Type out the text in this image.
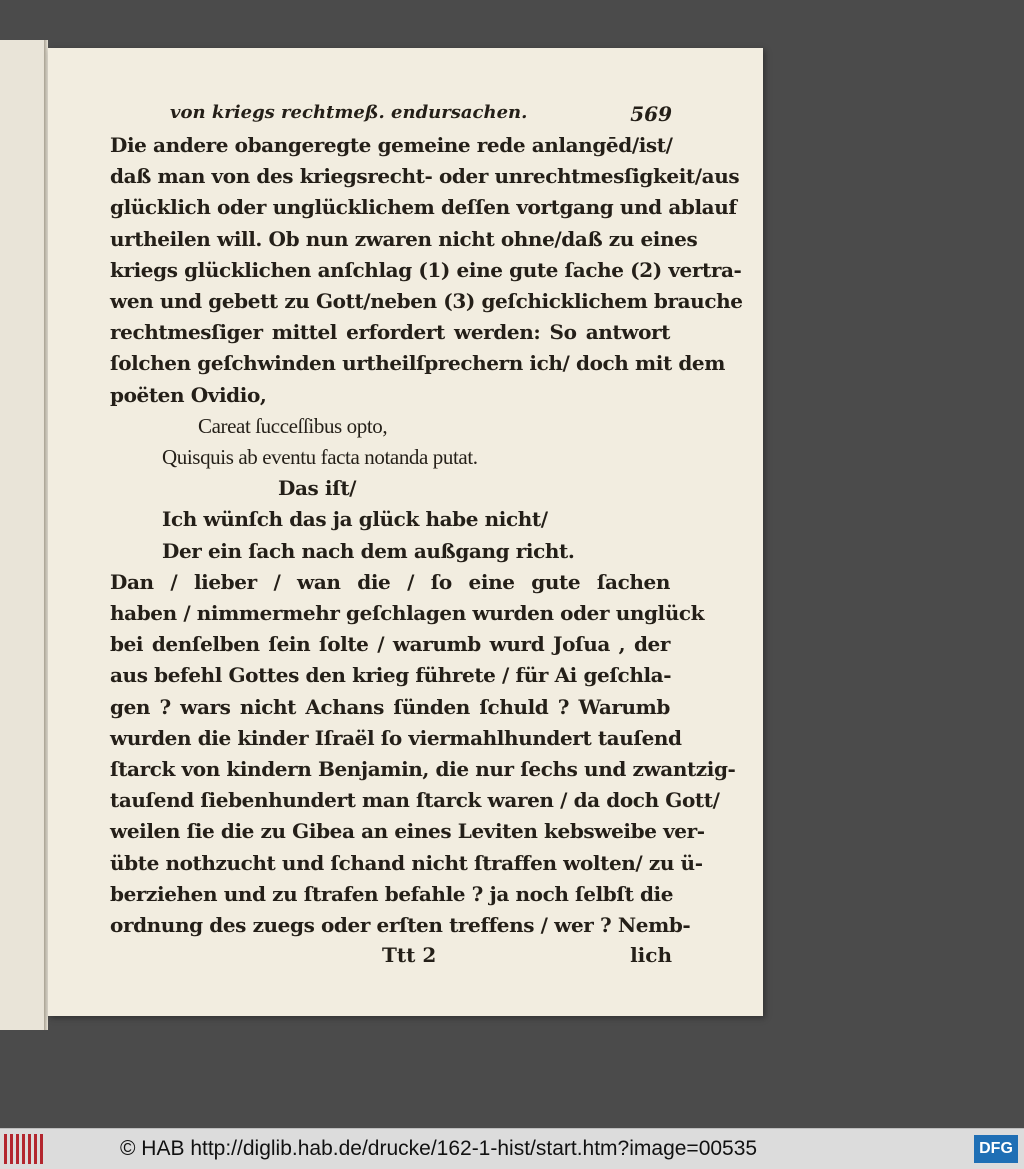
von kriegs rechtmeß. endursachen.	569
Die andere obangeregte gemeine rede anlangēd/ist/
daß man von des kriegsrecht- oder unrechtmesſigkeit/aus
glücklich oder unglücklichem deſſen vortgang und ablauf
urtheilen will. Ob nun zwaren nicht ohne/daß zu eines
kriegs glücklichen anſchlag (1) eine gute ſache (2) vertra-
wen und gebett zu Gott/neben (3) geſchicklichem brauche
rechtmesſiger mittel erfordert werden: So antwort
ſolchen geſchwinden urtheilſprechern ich/ doch mit dem
poëten Ovidio,
Careat ſucceſſibus opto,
Quisquis ab eventu facta notanda putat.
Das iſt/
Ich wünſch das ja glück habe nicht/
Der ein ſach nach dem außgang richt.
Dan / lieber / wan die / ſo eine gute ſachen
haben / nimmermehr geſchlagen wurden oder unglück
bei denſelben ſein ſolte / warumb wurd Joſua , der
aus befehl Gottes den krieg führete / für Ai geſchla-
gen ? wars nicht Achans ſünden ſchuld ? Warumb
wurden die kinder Iſraël ſo viermahlhundert tauſend
ſtarck von kindern Benjamin, die nur ſechs und zwantzig-
tauſend ſiebenhundert man ſtarck waren / da doch Gott/
weilen ſie die zu Gibea an eines Leviten kebsweibe ver-
übte nothzucht und ſchand nicht ſtraffen wolten/ zu ü-
berziehen und zu ſtrafen befahle ? ja noch ſelbſt die
ordnung des zuegs oder erſten treffens / wer ? Nemb-
Ttt 2	lich
© HAB http://diglib.hab.de/drucke/162-1-hist/start.htm?image=00535	DFG
